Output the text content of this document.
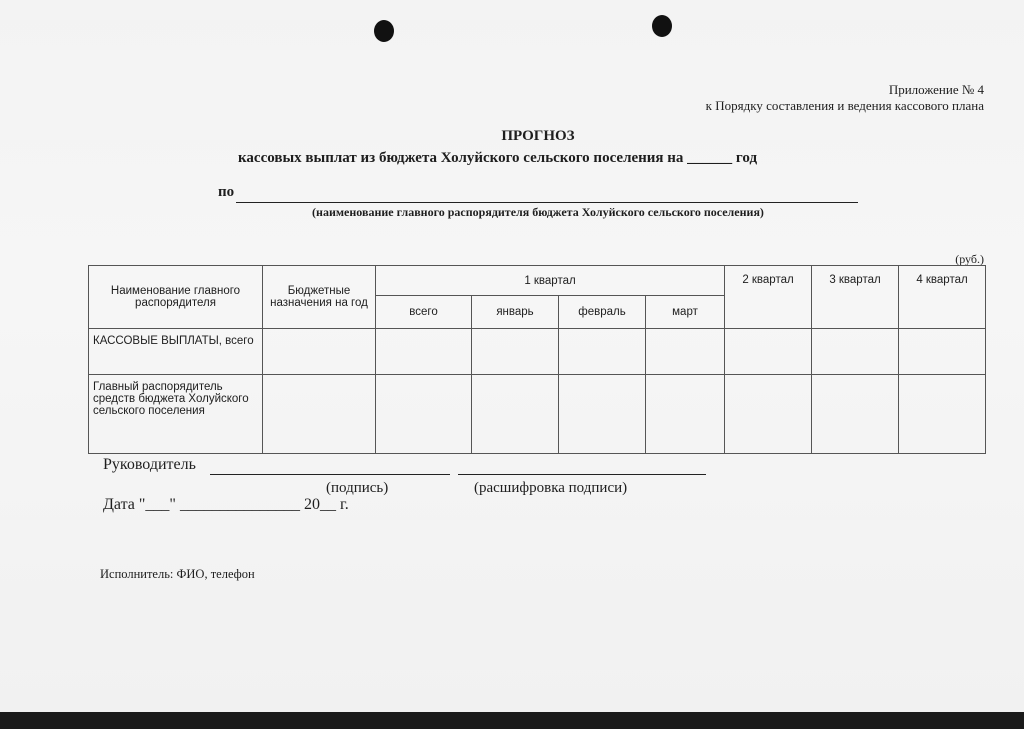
Приложение № 4
к Порядку составления и ведения кассового плана
ПРОГНОЗ
кассовых выплат из бюджета Холуйского сельского поселения на ______ год
по
(наименование главного распорядителя бюджета Холуйского сельского поселения)
(руб.)
Наименование главного распорядителя	Бюджетные назначения на год	1 квартал				2 квартал	3 квартал	4 квартал
		всего	январь	февраль	март			
КАССОВЫЕ ВЫПЛАТЫ, всего								
Главный распорядитель средств бюджета Холуйского сельского поселения								
Руководитель
(подпись)	(расшифровка подписи)
Дата "___" _______________ 20__ г.
Исполнитель: ФИО, телефон
